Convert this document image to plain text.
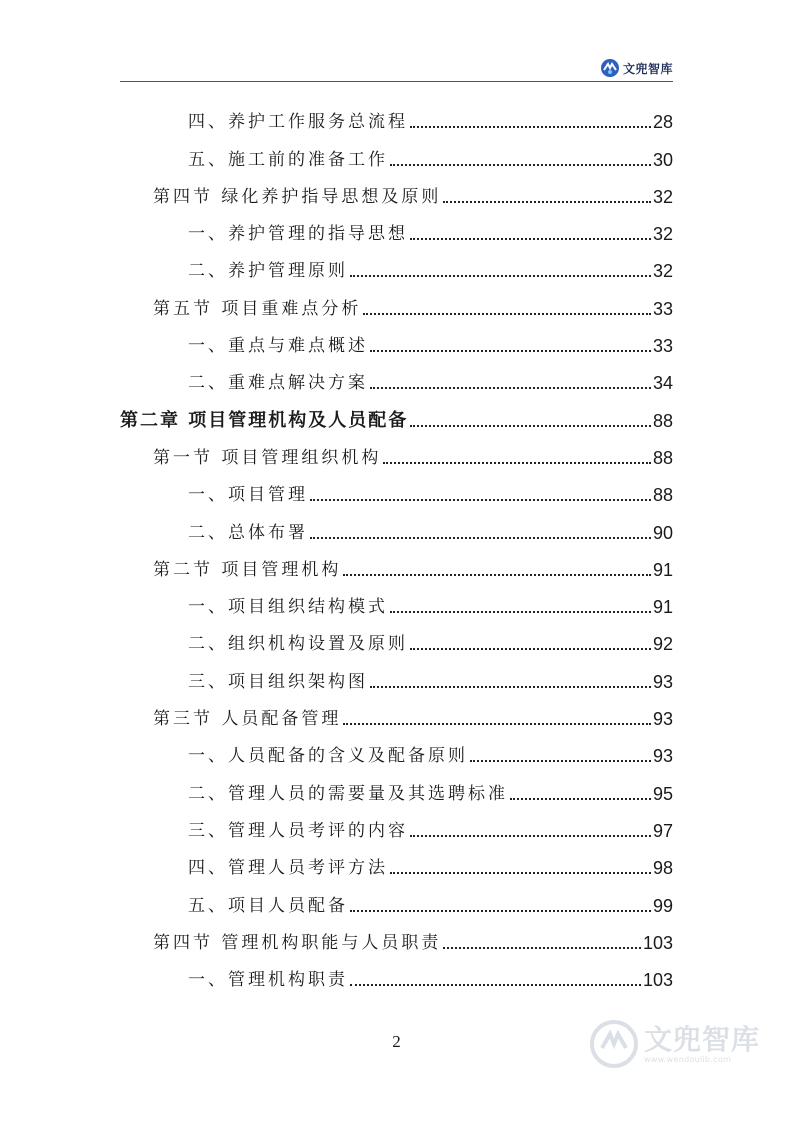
文兜智库
四、养护工作服务总流程	28
五、施工前的准备工作	30
第四节 绿化养护指导思想及原则	32
一、养护管理的指导思想	32
二、养护管理原则	32
第五节 项目重难点分析	33
一、重点与难点概述	33
二、重难点解决方案	34
第二章 项目管理机构及人员配备	88
第一节 项目管理组织机构	88
一、项目管理	88
二、总体布署	90
第二节 项目管理机构	91
一、项目组织结构模式	91
二、组织机构设置及原则	92
三、项目组织架构图	93
第三节 人员配备管理	93
一、人员配备的含义及配备原则	93
二、管理人员的需要量及其选聘标准	95
三、管理人员考评的内容	97
四、管理人员考评方法	98
五、项目人员配备	99
第四节 管理机构职能与人员职责	103
一、管理机构职责	103
2	文兜智库
www.wendoulib.com
